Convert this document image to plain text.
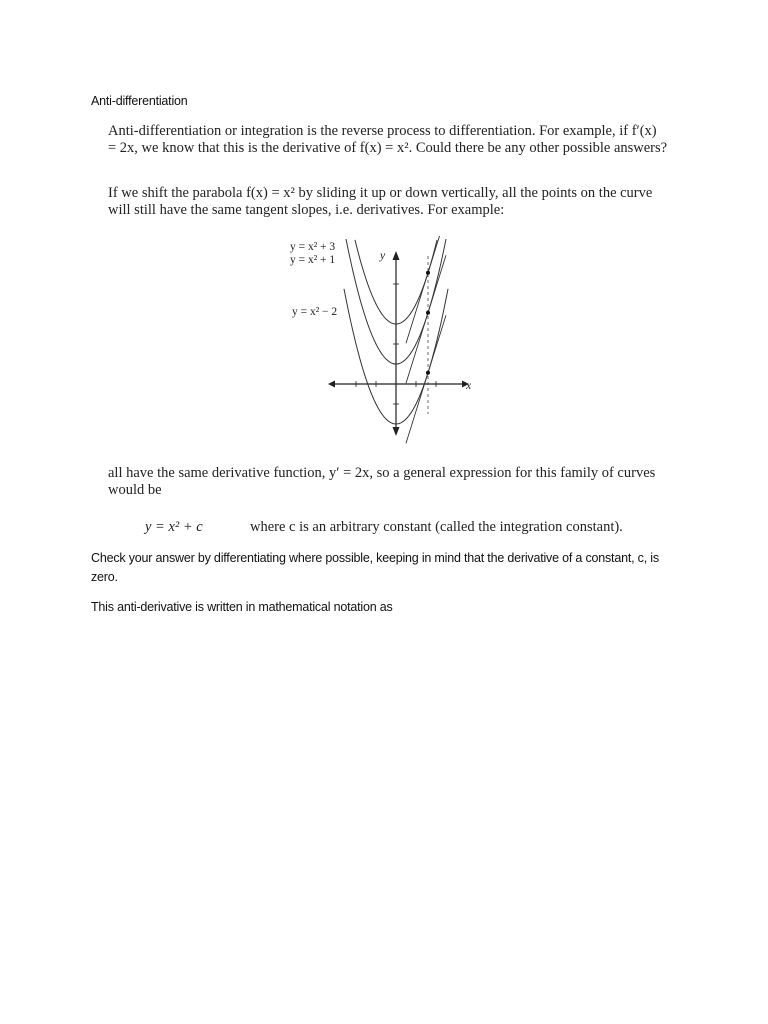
Anti-differentiation
Anti-differentiation or integration is the reverse process to differentiation. For example, if f′(x) = 2x, we know that this is the derivative of f(x) = x². Could there be any other possible answers?
If we shift the parabola f(x) = x² by sliding it up or down vertically, all the points on the curve will still have the same tangent slopes, i.e. derivatives. For example:
y = x² + 3
y = x² + 1
y = x² − 2
y
x
all have the same derivative function, y′ = 2x, so a general expression for this family of curves would be
y = x² + c	where c is an arbitrary constant (called the integration constant).
Check your answer by differentiating where possible, keeping in mind that the derivative of a constant, c, is zero.
This anti-derivative is written in mathematical notation as
